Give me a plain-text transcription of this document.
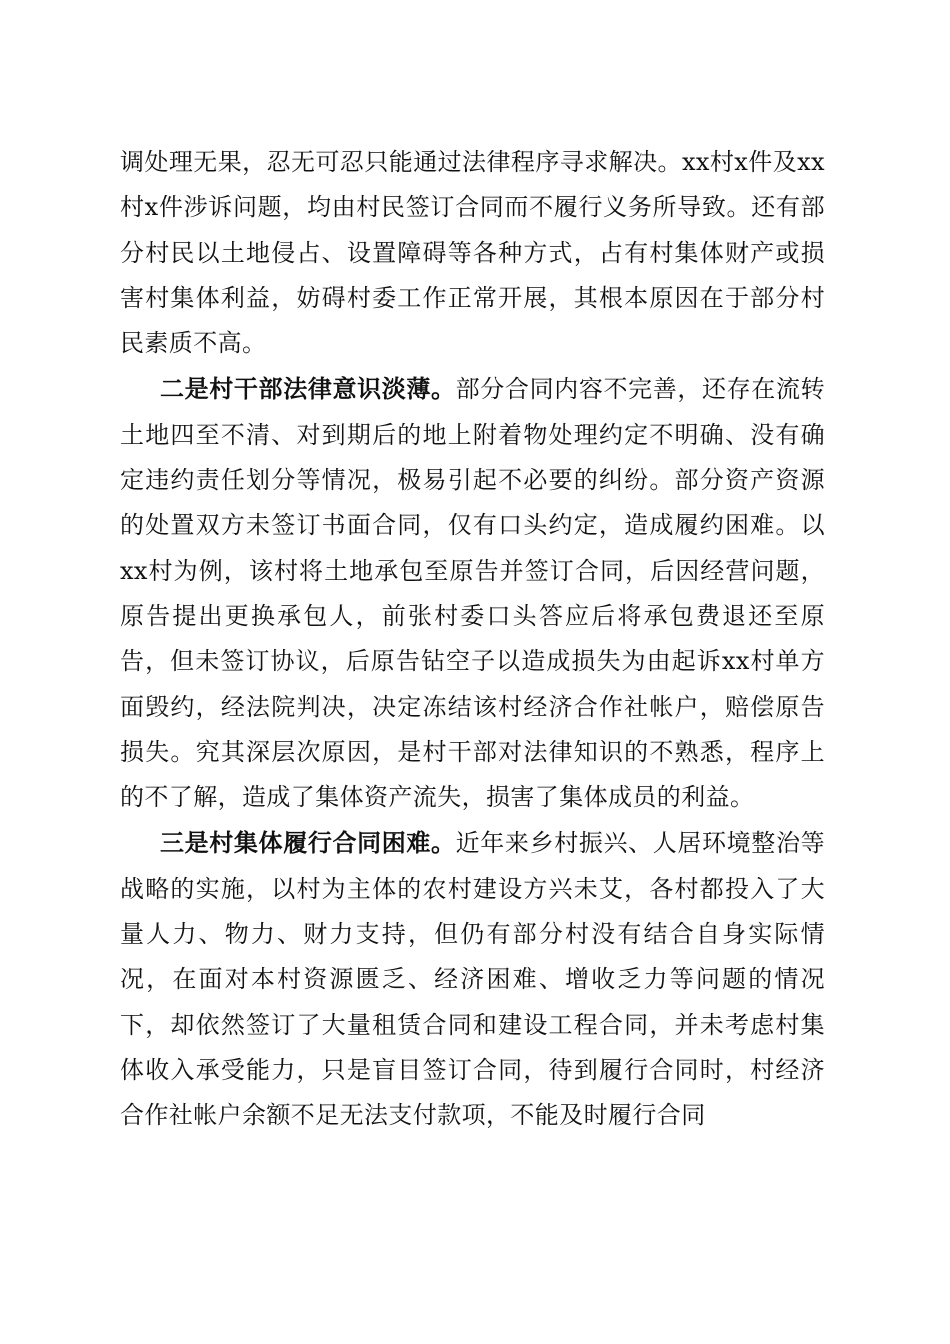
调处理无果，忍无可忍只能通过法律程序寻求解决。xx村x件及xx村x件涉诉问题，均由村民签订合同而不履行义务所导致。还有部分村民以土地侵占、设置障碍等各种方式，占有村集体财产或损害村集体利益，妨碍村委工作正常开展，其根本原因在于部分村民素质不高。

二是村干部法律意识淡薄。部分合同内容不完善，还存在流转土地四至不清、对到期后的地上附着物处理约定不明确、没有确定违约责任划分等情况，极易引起不必要的纠纷。部分资产资源的处置双方未签订书面合同，仅有口头约定，造成履约困难。以xx村为例，该村将土地承包至原告并签订合同，后因经营问题，原告提出更换承包人，前张村委口头答应后将承包费退还至原告，但未签订协议，后原告钻空子以造成损失为由起诉xx村单方面毁约，经法院判决，决定冻结该村经济合作社帐户，赔偿原告损失。究其深层次原因，是村干部对法律知识的不熟悉，程序上的不了解，造成了集体资产流失，损害了集体成员的利益。

三是村集体履行合同困难。近年来乡村振兴、人居环境整治等战略的实施，以村为主体的农村建设方兴未艾，各村都投入了大量人力、物力、财力支持，但仍有部分村没有结合自身实际情况，在面对本村资源匮乏、经济困难、增收乏力等问题的情况下，却依然签订了大量租赁合同和建设工程合同，并未考虑村集体收入承受能力，只是盲目签订合同，待到履行合同时，村经济合作社帐户余额不足无法支付款项，不能及时履行合同
